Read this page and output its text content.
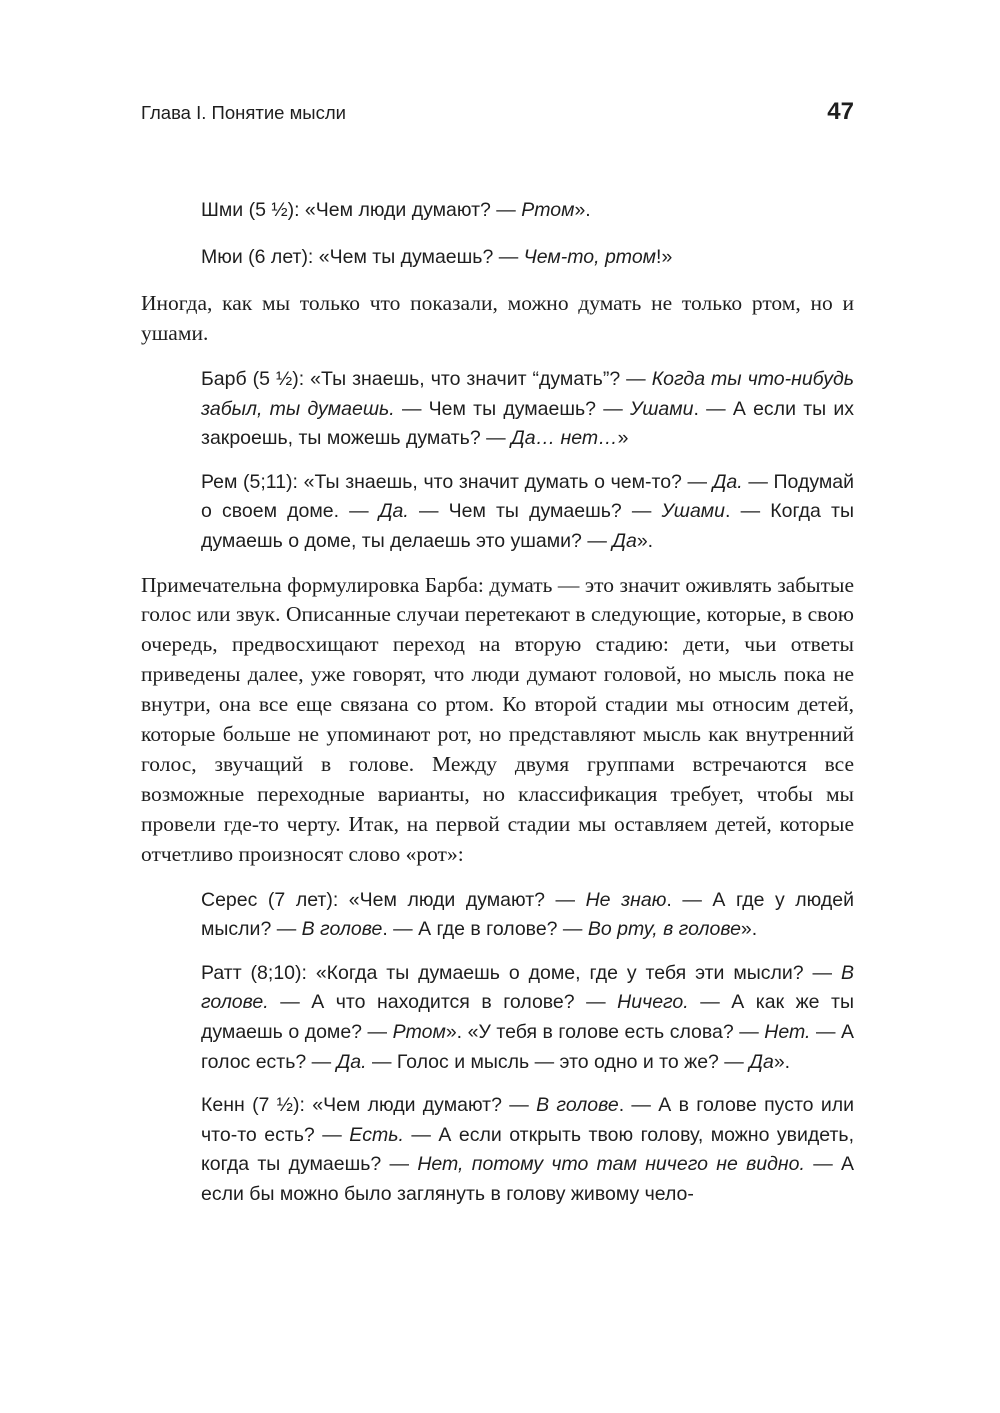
Глава I. Понятие мысли	47
Шми (5 ½): «Чем люди думают? — Ртом».
Мюи (6 лет): «Чем ты думаешь? — Чем-то, ртом!»

Иногда, как мы только что показали, можно думать не только ртом, но и ушами.

Барб (5 ½): «Ты знаешь, что значит “думать”? — Когда ты что-нибудь забыл, ты думаешь. — Чем ты думаешь? — Ушами. — А если ты их закроешь, ты можешь думать? — Да… нет…»
Рем (5;11): «Ты знаешь, что значит думать о чем-то? — Да. — Подумай о своем доме. — Да. — Чем ты думаешь? — Ушами. — Когда ты думаешь о доме, ты делаешь это ушами? — Да».

Примечательна формулировка Барба: думать — это значит оживлять забытые голос или звук. Описанные случаи перетекают в следующие, которые, в свою очередь, предвосхищают переход на вторую стадию: дети, чьи ответы приведены далее, уже говорят, что люди думают головой, но мысль пока не внутри, она все еще связана со ртом. Ко второй стадии мы относим детей, которые больше не упоминают рот, но представляют мысль как внутренний голос, звучащий в голове. Между двумя группами встречаются все возможные переходные варианты, но классификация требует, чтобы мы провели где-то черту. Итак, на первой стадии мы оставляем детей, которые отчетливо произносят слово «рот»:

Серес (7 лет): «Чем люди думают? — Не знаю. — А где у людей мысли? — В голове. — А где в голове? — Во рту, в голове».
Ратт (8;10): «Когда ты думаешь о доме, где у тебя эти мысли? — В голове. — А что находится в голове? — Ничего. — А как же ты думаешь о доме? — Ртом». «У тебя в голове есть слова? — Нет. — А голос есть? — Да. — Голос и мысль — это одно и то же? — Да».
Кенн (7 ½): «Чем люди думают? — В голове. — А в голове пусто или что-то есть? — Есть. — А если открыть твою голову, можно увидеть, когда ты думаешь? — Нет, потому что там ничего не видно. — А если бы можно было заглянуть в голову живому чело-
